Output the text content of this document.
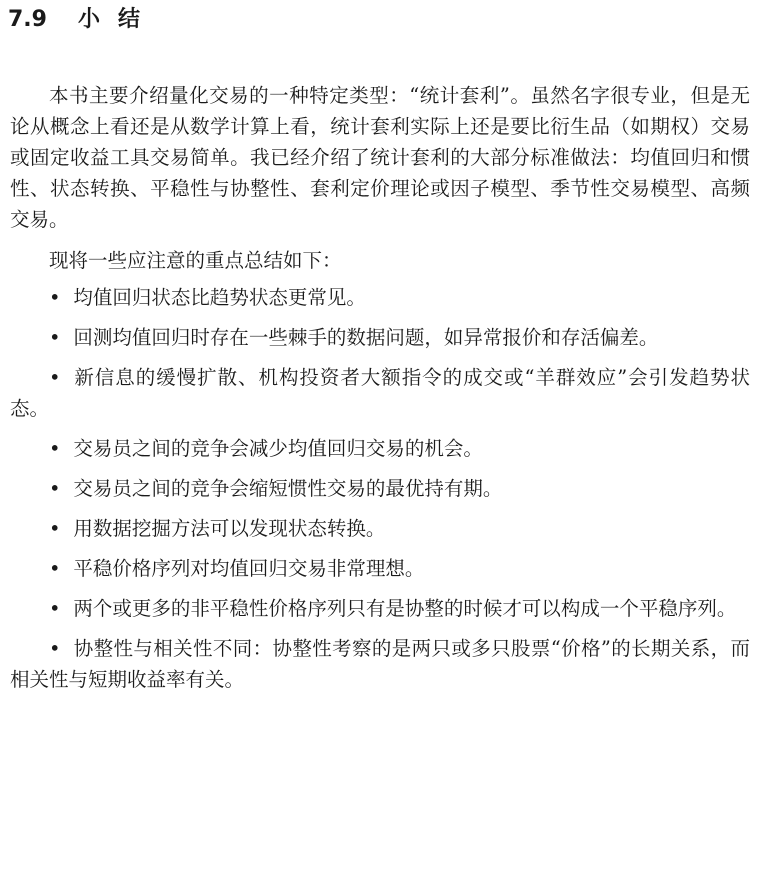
7.9 小结

本书主要介绍量化交易的一种特定类型：“统计套利”。虽然名字很专业，但是无论从概念上看还是从数学计算上看，统计套利实际上还是要比衍生品（如期权）交易或固定收益工具交易简单。我已经介绍了统计套利的大部分标准做法：均值回归和惯性、状态转换、平稳性与协整性、套利定价理论或因子模型、季节性交易模型、高频交易。

现将一些应注意的重点总结如下：

• 均值回归状态比趋势状态更常见。
• 回测均值回归时存在一些棘手的数据问题，如异常报价和存活偏差。
• 新信息的缓慢扩散、机构投资者大额指令的成交或“羊群效应”会引发趋势状态。
• 交易员之间的竞争会减少均值回归交易的机会。
• 交易员之间的竞争会缩短惯性交易的最优持有期。
• 用数据挖掘方法可以发现状态转换。
• 平稳价格序列对均值回归交易非常理想。
• 两个或更多的非平稳性价格序列只有是协整的时候才可以构成一个平稳序列。
• 协整性与相关性不同：协整性考察的是两只或多只股票“价格”的长期关系，而相关性与短期收益率有关。
